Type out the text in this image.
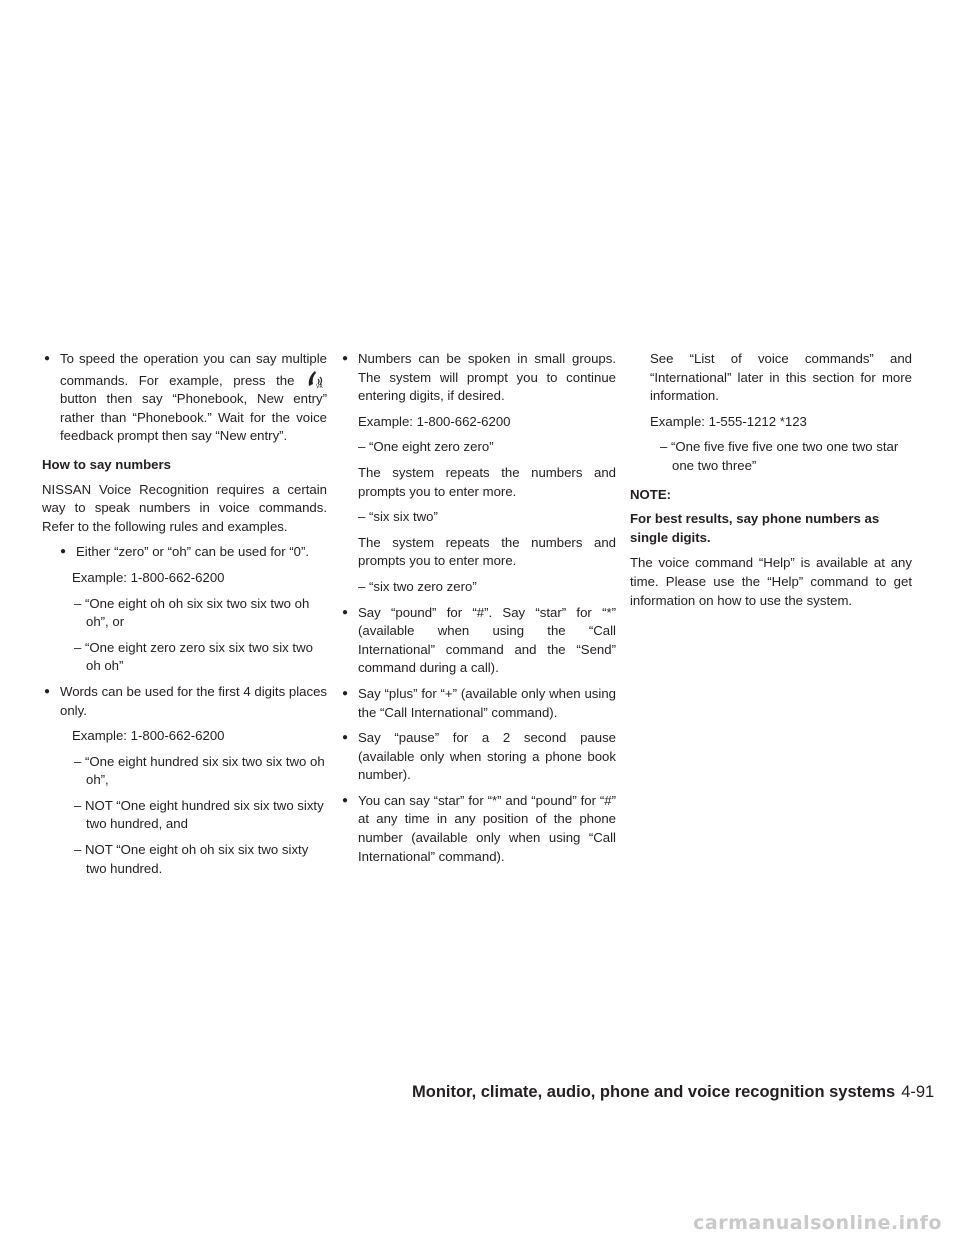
● To speed the operation you can say multiple commands. For example, press the	VR
button then say “Phonebook, New entry” rather than “Phonebook.” Wait for the voice feedback prompt then say “New entry”.

How to say numbers

NISSAN Voice Recognition requires a certain way to speak numbers in voice commands. Refer to the following rules and examples.

● Either “zero” or “oh” can be used for “0”.

Example: 1-800-662-6200

– “One eight oh oh six six two six two oh oh”, or

– “One eight zero zero six six two six two oh oh”

● Words can be used for the first 4 digits places only.

Example: 1-800-662-6200

– “One eight hundred six six two six two oh oh”,

– NOT “One eight hundred six six two sixty two hundred, and

– NOT “One eight oh oh six six two sixty two hundred.

● Numbers can be spoken in small groups. The system will prompt you to continue entering digits, if desired.

Example: 1-800-662-6200

– “One eight zero zero”

The system repeats the numbers and prompts you to enter more.

– “six six two”

The system repeats the numbers and prompts you to enter more.

– “six two zero zero”

● Say “pound” for “#”. Say “star” for “*” (available when using the “Call International” command and the “Send” command during a call).
● Say “plus” for “+” (available only when using the “Call International” command).
● Say “pause” for a 2 second pause (available only when storing a phone book number).
● You can say “star” for “*” and “pound” for “#” at any time in any position of the phone number (available only when using “Call International” command).

See “List of voice commands” and “International” later in this section for more information.

Example: 1-555-1212 *123

– “One five five five one two one two star one two three”

NOTE:

For best results, say phone numbers as single digits.

The voice command “Help” is available at any time. Please use the “Help” command to get information on how to use the system.

Monitor, climate, audio, phone and voice recognition systems 4-91
carmanualsonline.info
